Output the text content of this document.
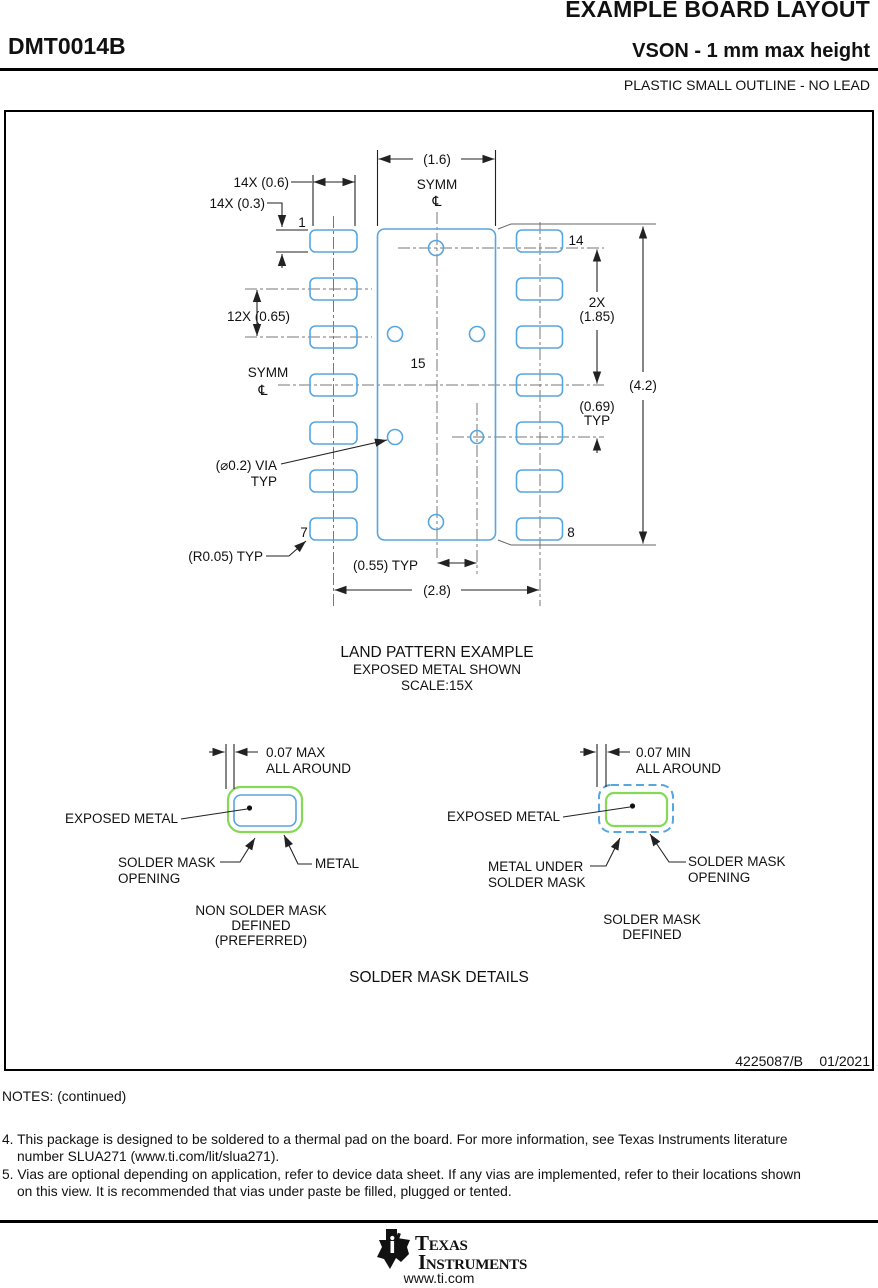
EXAMPLE BOARD LAYOUT
DMT0014B	VSON - 1 mm max height
PLASTIC SMALL OUTLINE - NO LEAD
(1.6)
SYMM
℄
14X (0.6)
14X (0.3)
1
14
7	8
15
12X (0.65)
SYMM
℄
2X
(1.85)
(4.2)
(0.69)
TYP
(⌀0.2) VIA
TYP
(R0.05) TYP
(0.55) TYP
(2.8)
LAND PATTERN EXAMPLE
EXPOSED METAL SHOWN
SCALE:15X
0.07 MAX
ALL AROUND
EXPOSED METAL
SOLDER MASK
OPENING
METAL
NON SOLDER MASK
DEFINED
(PREFERRED)
0.07 MIN
ALL AROUND
EXPOSED METAL
METAL UNDER
SOLDER MASK
SOLDER MASK
OPENING
SOLDER MASK
DEFINED
SOLDER MASK DETAILS
4225087/B 01/2021
NOTES: (continued)
4. This package is designed to be soldered to a thermal pad on the board. For more information, see Texas Instruments literature
number SLUA271 (www.ti.com/lit/slua271).
5. Vias are optional depending on application, refer to device data sheet. If any vias are implemented, refer to their locations shown
on this view. It is recommended that vias under paste be filled, plugged or tented.
Texas
Instruments
www.ti.com
